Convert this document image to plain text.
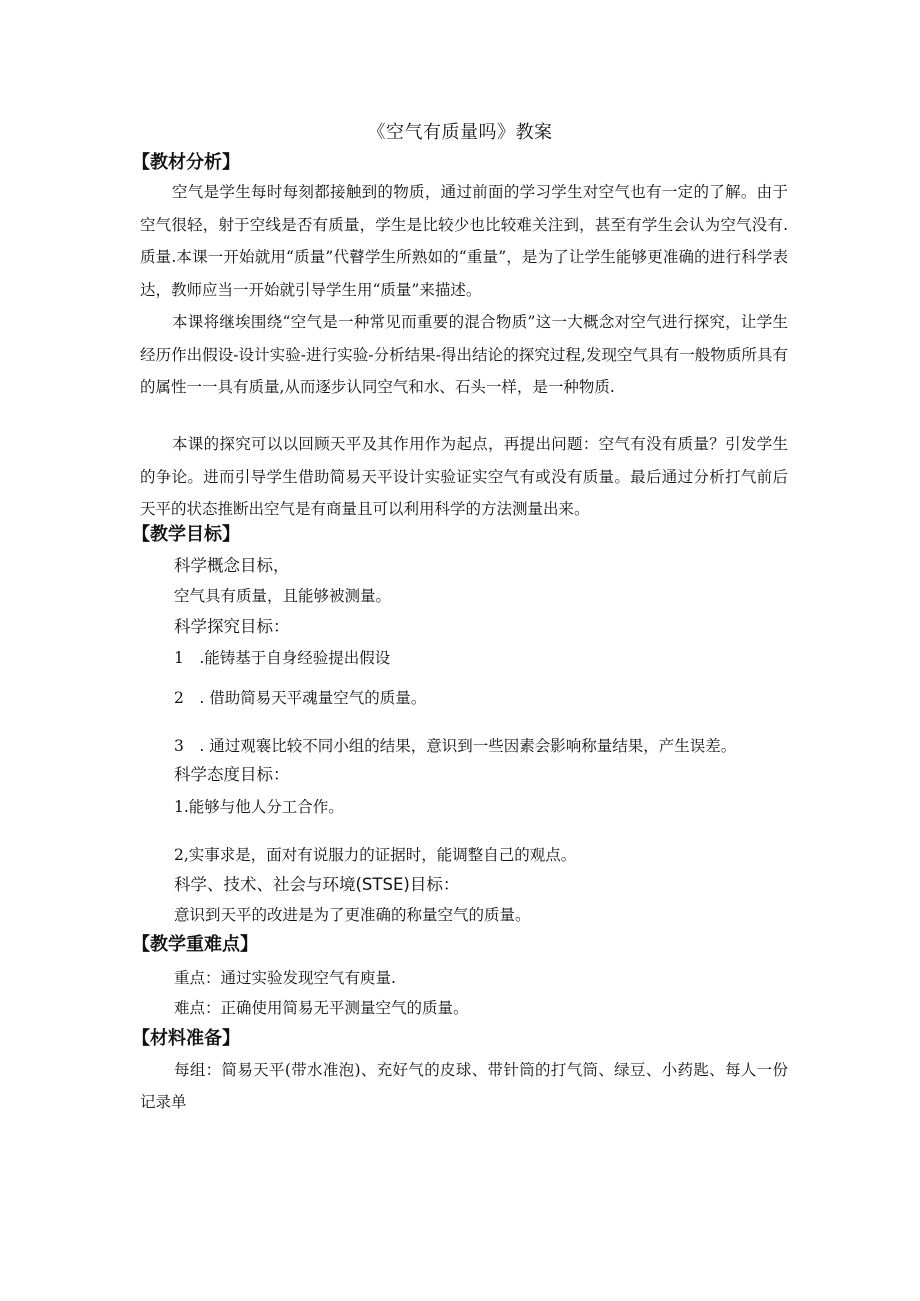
《空气有质量吗》教案
【教材分析】

空气是学生每时每刻都接触到的物质，通过前面的学习学生对空气也有一定的了解。由于空气很轻，射于空线是否有质量，学生是比较少也比较难关注到，甚至有学生会认为空气没有.质量.本课一开始就用“质量”代瞽学生所熟如的“重量”，是为了让学生能够更准确的进行科学表达，教师应当一开始就引导学生用“质量”来描述。

本课将继埃围绕“空气是一种常见而重要的混合物质”这一大概念对空气进行探究，让学生经历作出假设-设计实验-进行实验-分析结果-得出结论的探究过程,发现空气具有一般物质所具有的属性一一具有质量,从而逐步认同空气和水、石头一样，是一种物质.

本课的探究可以以回顾天平及其作用作为起点，再提出问题：空气有没有质量？引发学生的争论。进而引导学生借助简易天平设计实验证实空气有或没有质量。最后通过分析打气前后天平的状态推断出空气是有商量且可以利用科学的方法测量出来。

【教学目标】
科学概念目标，
空气具有质量，且能够被测量。
科学探究目标：
1　.能铸基于自身经验提出假设
2　. 借助简易天平魂量空气的质量。
3　. 通过观褰比较不同小组的结果，意识到一些因素会影响称量结果，产生误差。
科学态度目标：
1.能够与他人分工合作。
2,实事求是，面对有说服力的证据时，能调整自己的观点。
科学、技术、社会与环境(STSE)目标：
意识到天平的改进是为了更准确的称量空气的质量。
【教学重难点】
重点：通过实验发现空气有庾量.
难点：正确使用简易无平测量空气的质量。
【材料准备】

每组：简易天平(带水准泡)、充好气的皮球、带针筒的打气筒、绿豆、小药匙、每人一份记录单
